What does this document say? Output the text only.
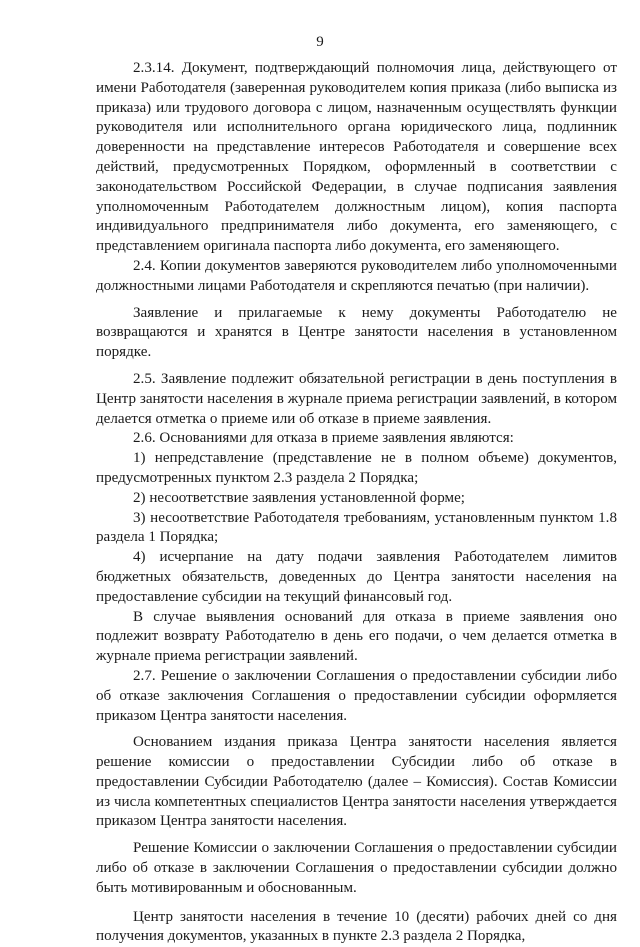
9

2.3.14. Документ, подтверждающий полномочия лица, действующего от имени Работодателя (заверенная руководителем копия приказа (либо выписка из приказа) или трудового договора с лицом, назначенным осуществлять функции руководителя или исполнительного органа юридического лица, подлинник доверенности на представление интересов Работодателя и совершение всех действий, предусмотренных Порядком, оформленный в соответствии с законодательством Российской Федерации, в случае подписания заявления уполномоченным Работодателем должностным лицом), копия паспорта индивидуального предпринимателя либо документа, его заменяющего, с представлением оригинала паспорта либо документа, его заменяющего.

2.4. Копии документов заверяются руководителем либо уполномоченными должностными лицами Работодателя и скрепляются печатью (при наличии).

Заявление и прилагаемые к нему документы Работодателю не возвращаются и хранятся в Центре занятости населения в установленном порядке.

2.5. Заявление подлежит обязательной регистрации в день поступления в Центр занятости населения в журнале приема регистрации заявлений, в котором делается отметка о приеме или об отказе в приеме заявления.

2.6. Основаниями для отказа в приеме заявления являются:

1) непредставление (представление не в полном объеме) документов, предусмотренных пунктом 2.3 раздела 2 Порядка;

2) несоответствие заявления установленной форме;

3) несоответствие Работодателя требованиям, установленным пунктом 1.8 раздела 1 Порядка;

4) исчерпание на дату подачи заявления Работодателем лимитов бюджетных обязательств, доведенных до Центра занятости населения на предоставление субсидии на текущий финансовый год.

В случае выявления оснований для отказа в приеме заявления оно подлежит возврату Работодателю в день его подачи, о чем делается отметка в журнале приема регистрации заявлений.

2.7. Решение о заключении Соглашения о предоставлении субсидии либо об отказе заключения Соглашения о предоставлении субсидии оформляется приказом Центра занятости населения.

Основанием издания приказа Центра занятости населения является решение комиссии о предоставлении Субсидии либо об отказе в предоставлении Субсидии Работодателю (далее – Комиссия). Состав Комиссии из числа компетентных специалистов Центра занятости населения утверждается приказом Центра занятости населения.

Решение Комиссии о заключении Соглашения о предоставлении субсидии либо об отказе в заключении Соглашения о предоставлении субсидии должно быть мотивированным и обоснованным.

Центр занятости населения в течение 10 (десяти) рабочих дней со дня получения документов, указанных в пункте 2.3 раздела 2 Порядка,
